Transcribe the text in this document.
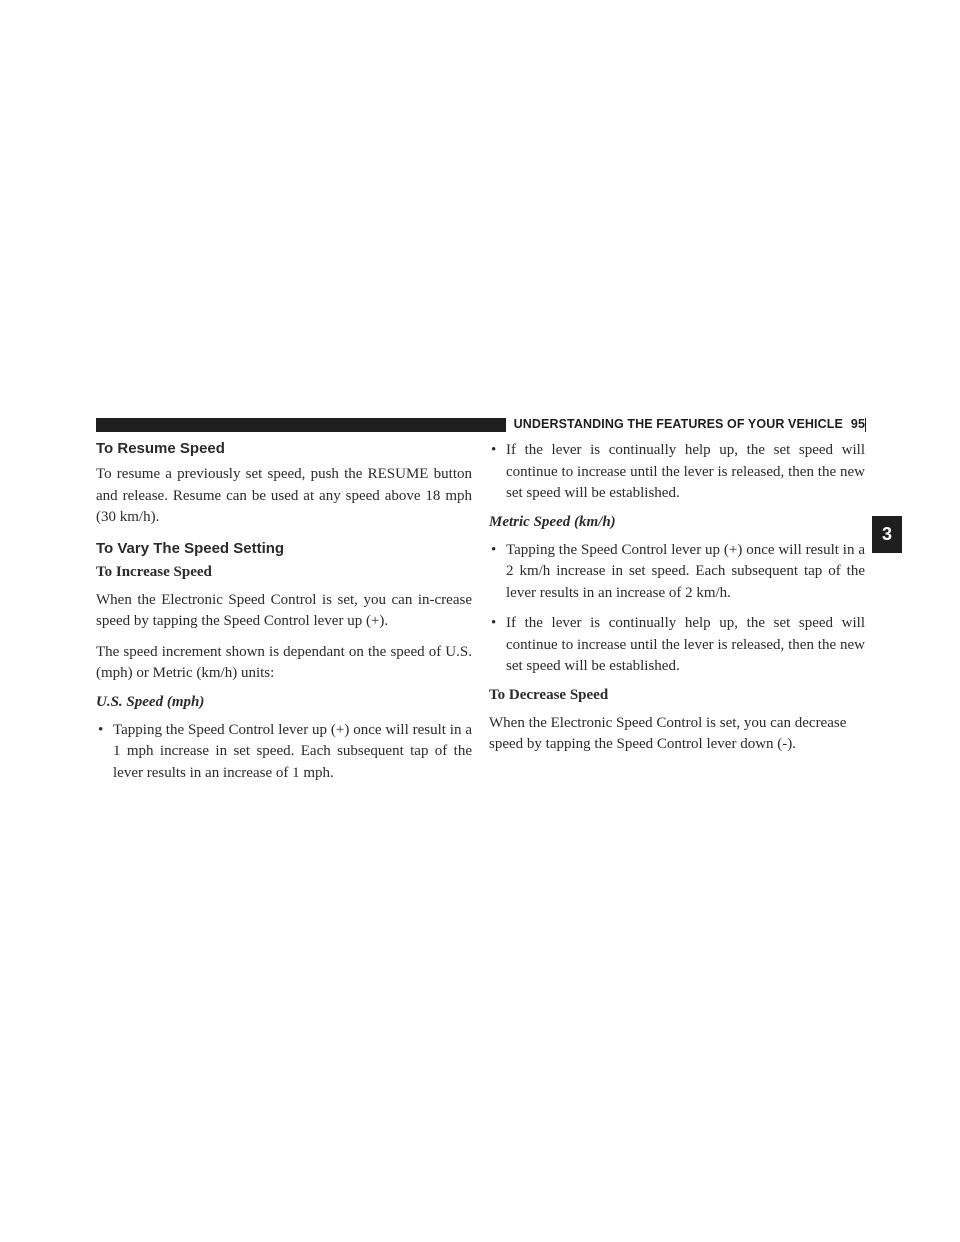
UNDERSTANDING THE FEATURES OF YOUR VEHICLE 95
3
To Resume Speed

To resume a previously set speed, push the RESUME button and release. Resume can be used at any speed above 18 mph (30 km/h).

To Vary The Speed Setting
To Increase Speed

When the Electronic Speed Control is set, you can in-crease speed by tapping the Speed Control lever up (+).

The speed increment shown is dependant on the speed of U.S. (mph) or Metric (km/h) units:

U.S. Speed (mph)
• Tapping the Speed Control lever up (+) once will result in a 1 mph increase in set speed. Each subsequent tap of the lever results in an increase of 1 mph.
• If the lever is continually help up, the set speed will continue to increase until the lever is released, then the new set speed will be established.
Metric Speed (km/h)
• Tapping the Speed Control lever up (+) once will result in a 2 km/h increase in set speed. Each subsequent tap of the lever results in an increase of 2 km/h.
• If the lever is continually help up, the set speed will continue to increase until the lever is released, then the new set speed will be established.
To Decrease Speed

When the Electronic Speed Control is set, you can decrease speed by tapping the Speed Control lever down (-).
